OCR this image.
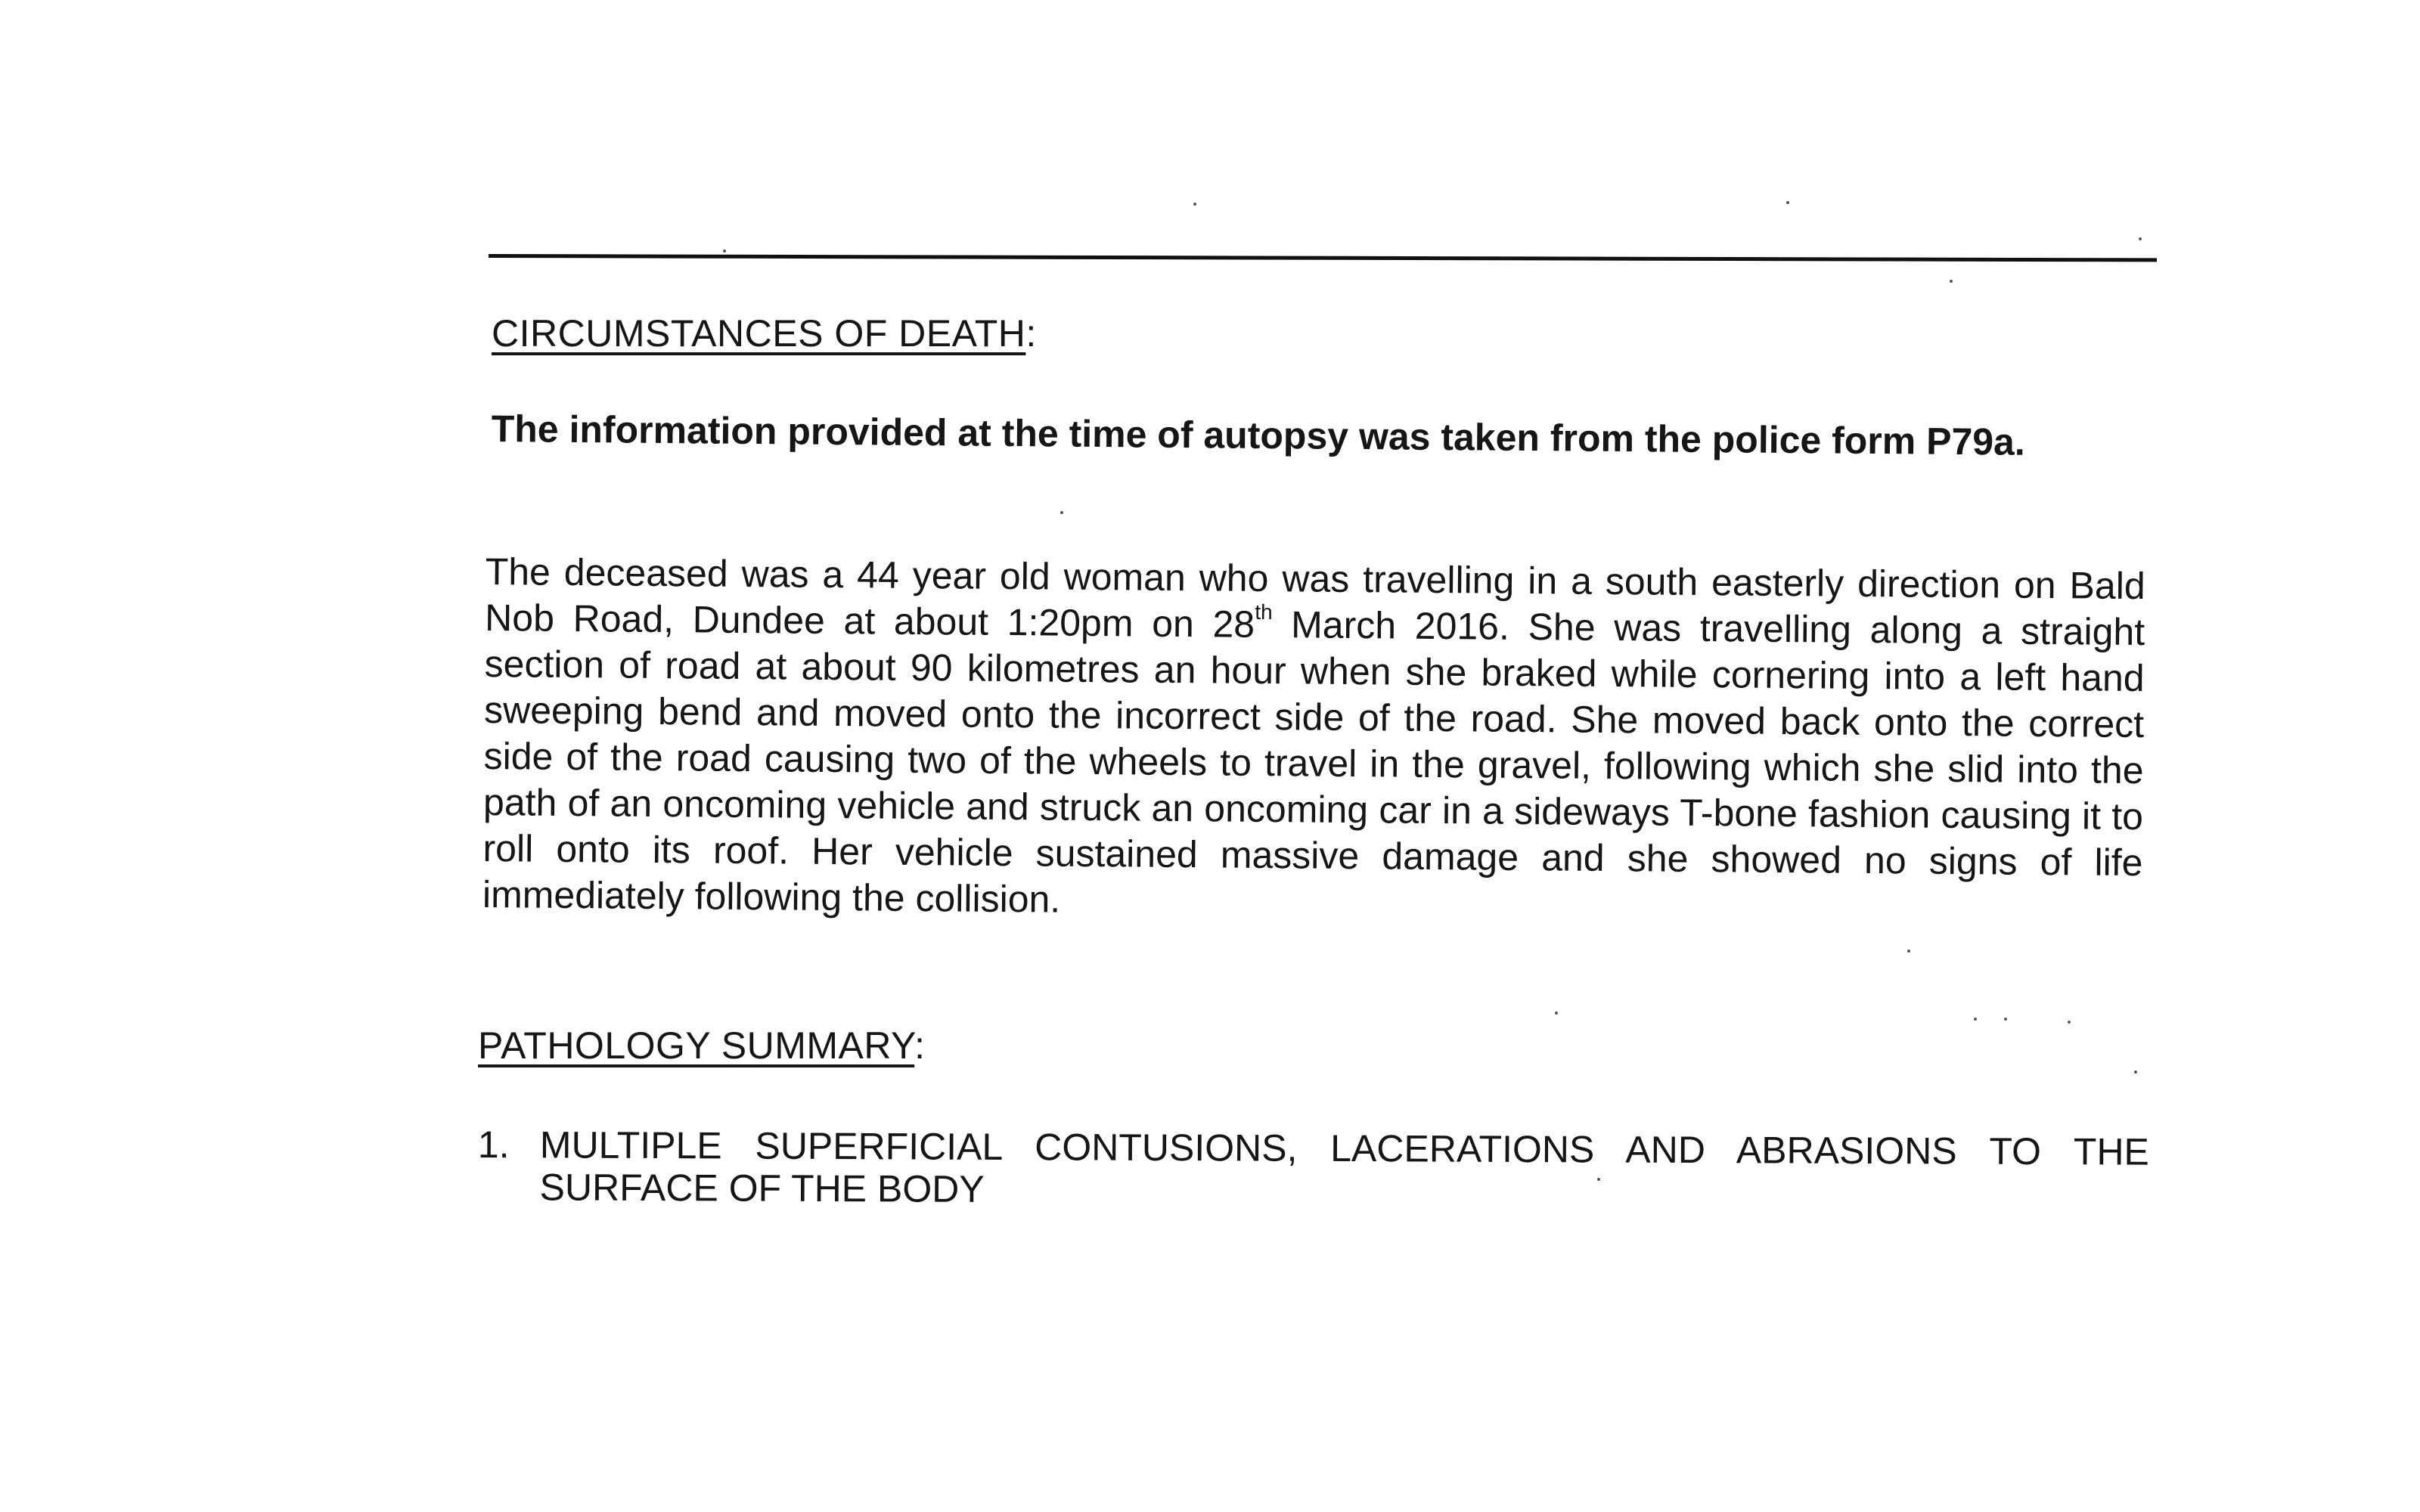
CIRCUMSTANCES OF DEATH:
The information provided at the time of autopsy was taken from the police form P79a.
The deceased was a 44 year old woman who was travelling in a south easterly direction on Bald Nob Road, Dundee at about 1:20pm on 28th March 2016. She was travelling along a straight section of road at about 90 kilometres an hour when she braked while cornering into a left hand sweeping bend and moved onto the incorrect side of the road. She moved back onto the correct side of the road causing two of the wheels to travel in the gravel, following which she slid into the path of an oncoming vehicle and struck an oncoming car in a sideways T-bone fashion causing it to roll onto its roof. Her vehicle sustained massive damage and she showed no signs of life immediately following the collision.
PATHOLOGY SUMMARY:
1. MULTIPLE SUPERFICIAL CONTUSIONS, LACERATIONS AND ABRASIONS TO THE SURFACE OF THE BODY
